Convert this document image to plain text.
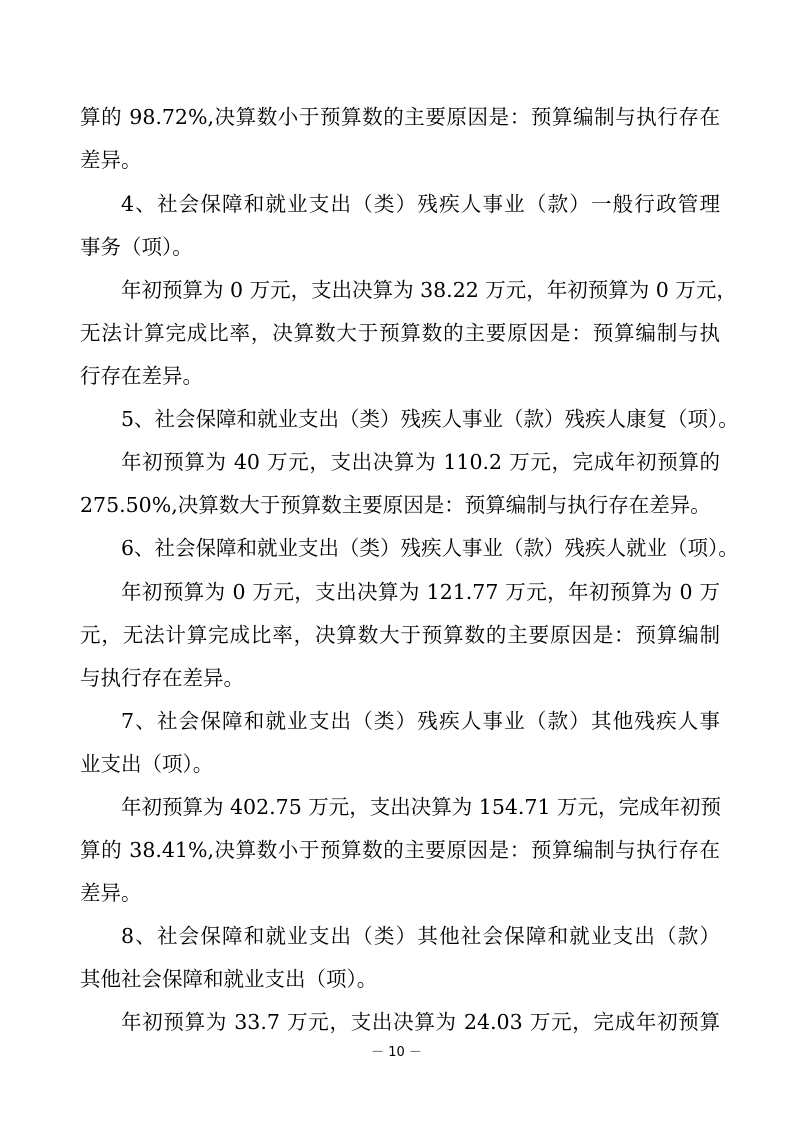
算的 98.72%,决算数小于预算数的主要原因是：预算编制与执行存在
差异。
4、社会保障和就业支出（类）残疾人事业（款）一般行政管理
事务（项）。
年初预算为 0 万元，支出决算为 38.22 万元，年初预算为 0 万元，
无法计算完成比率，决算数大于预算数的主要原因是：预算编制与执
行存在差异。
5、社会保障和就业支出（类）残疾人事业（款）残疾人康复（项）。
年初预算为 40 万元，支出决算为 110.2 万元，完成年初预算的
275.50%,决算数大于预算数主要原因是：预算编制与执行存在差异。
6、社会保障和就业支出（类）残疾人事业（款）残疾人就业（项）。
年初预算为 0 万元，支出决算为 121.77 万元，年初预算为 0 万
元，无法计算完成比率，决算数大于预算数的主要原因是：预算编制
与执行存在差异。
7、社会保障和就业支出（类）残疾人事业（款）其他残疾人事
业支出（项）。
年初预算为 402.75 万元，支出决算为 154.71 万元，完成年初预
算的 38.41%,决算数小于预算数的主要原因是：预算编制与执行存在
差异。
8、社会保障和就业支出（类）其他社会保障和就业支出（款）
其他社会保障和就业支出（项）。
年初预算为 33.7 万元，支出决算为 24.03 万元，完成年初预算
－ 10 －
